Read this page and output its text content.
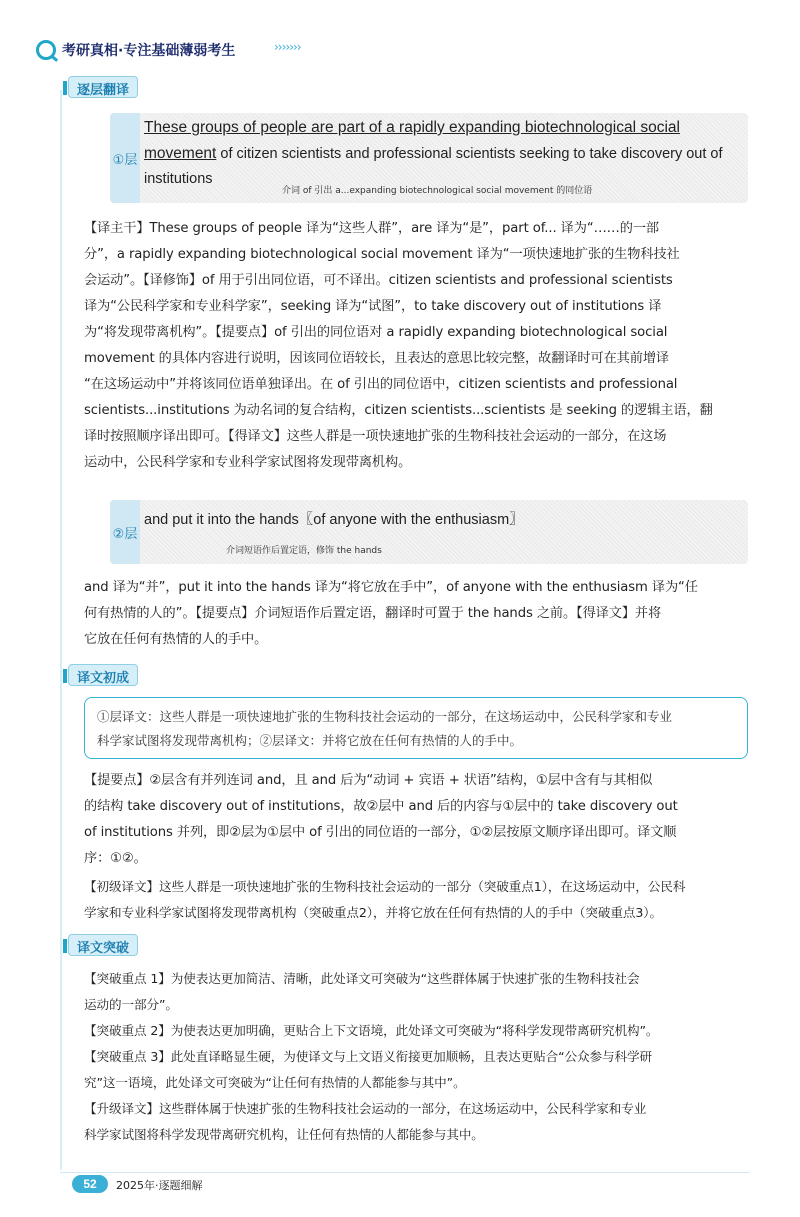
考研真相·专注基础薄弱考生	›››››››
逐层翻译
①层
These groups of people are part of a rapidly expanding biotechnological social
movement of citizen scientists and professional scientists seeking to take discovery out of
institutions
介词 of 引出 a...expanding biotechnological social movement 的同位语
【译主干】These groups of people 译为“这些人群”，are 译为“是”，part of... 译为“……的一部
分”，a rapidly expanding biotechnological social movement 译为“一项快速地扩张的生物科技社
会运动”。【译修饰】of 用于引出同位语，可不译出。citizen scientists and professional scientists
译为“公民科学家和专业科学家”，seeking 译为“试图”，to take discovery out of institutions 译
为“将发现带离机构”。【提要点】of 引出的同位语对 a rapidly expanding biotechnological social
movement 的具体内容进行说明，因该同位语较长，且表达的意思比较完整，故翻译时可在其前增译
“在这场运动中”并将该同位语单独译出。在 of 引出的同位语中，citizen scientists and professional
scientists...institutions 为动名词的复合结构，citizen scientists...scientists 是 seeking 的逻辑主语，翻
译时按照顺序译出即可。【得译文】这些人群是一项快速地扩张的生物科技社会运动的一部分，在这场
运动中，公民科学家和专业科学家试图将发现带离机构。
②层
and put it into the hands〖of anyone with the enthusiasm〗
介词短语作后置定语，修饰 the hands
and 译为“并”，put it into the hands 译为“将它放在手中”，of anyone with the enthusiasm 译为“任
何有热情的人的”。【提要点】介词短语作后置定语，翻译时可置于 the hands 之前。【得译文】并将
它放在任何有热情的人的手中。
译文初成
①层译文：这些人群是一项快速地扩张的生物科技社会运动的一部分，在这场运动中，公民科学家和专业
科学家试图将发现带离机构；②层译文：并将它放在任何有热情的人的手中。
【提要点】②层含有并列连词 and，且 and 后为“动词 + 宾语 + 状语”结构，①层中含有与其相似
的结构 take discovery out of institutions，故②层中 and 后的内容与①层中的 take discovery out
of institutions 并列，即②层为①层中 of 引出的同位语的一部分，①②层按原文顺序译出即可。译文顺
序：①②。
【初级译文】这些人群是一项快速地扩张的生物科技社会运动的一部分（突破重点1），在这场运动中，公民科
学家和专业科学家试图将发现带离机构（突破重点2），并将它放在任何有热情的人的手中（突破重点3）。
译文突破
【突破重点 1】为使表达更加简洁、清晰，此处译文可突破为“这些群体属于快速扩张的生物科技社会
运动的一部分”。
【突破重点 2】为使表达更加明确，更贴合上下文语境，此处译文可突破为“将科学发现带离研究机构”。
【突破重点 3】此处直译略显生硬，为使译文与上文语义衔接更加顺畅，且表达更贴合“公众参与科学研
究”这一语境，此处译文可突破为“让任何有热情的人都能参与其中”。
【升级译文】这些群体属于快速扩张的生物科技社会运动的一部分，在这场运动中，公民科学家和专业
科学家试图将科学发现带离研究机构，让任何有热情的人都能参与其中。
52	2025年·逐题细解
